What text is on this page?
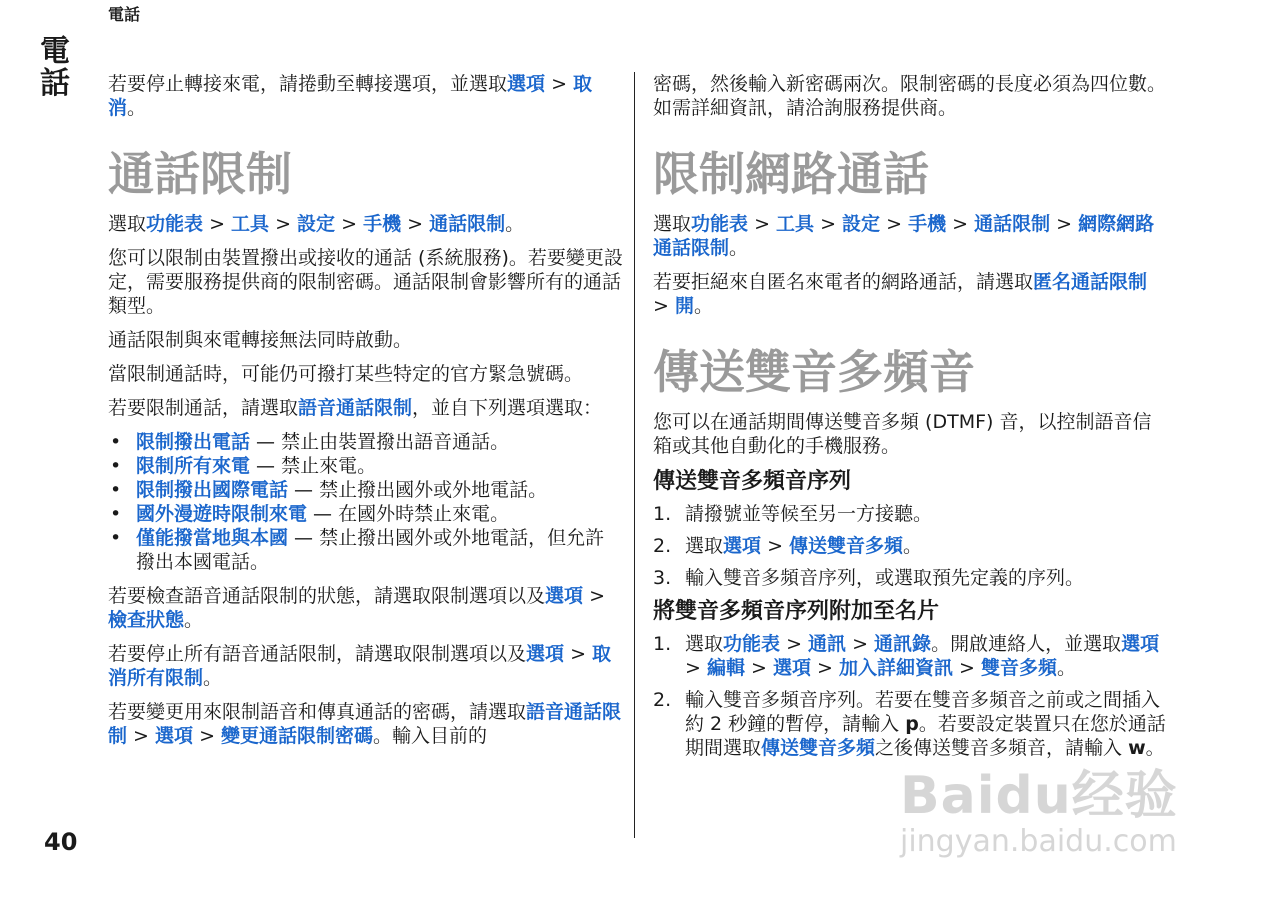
電話
電話
40

若要停止轉接來電，請捲動至轉接選項，並選取選項 > 取消。

通話限制

選取功能表 > 工具 > 設定 > 手機 > 通話限制。

您可以限制由裝置撥出或接收的通話 (系統服務)。若要變更設定，需要服務提供商的限制密碼。通話限制會影響所有的通話類型。

通話限制與來電轉接無法同時啟動。

當限制通話時，可能仍可撥打某些特定的官方緊急號碼。

若要限制通話，請選取語音通話限制，並自下列選項選取：

• 限制撥出電話 — 禁止由裝置撥出語音通話。
• 限制所有來電 — 禁止來電。
• 限制撥出國際電話 — 禁止撥出國外或外地電話。
• 國外漫遊時限制來電 — 在國外時禁止來電。
• 僅能撥當地與本國 — 禁止撥出國外或外地電話，但允許撥出本國電話。

若要檢查語音通話限制的狀態，請選取限制選項以及選項 > 檢查狀態。

若要停止所有語音通話限制，請選取限制選項以及選項 > 取消所有限制。

若要變更用來限制語音和傳真通話的密碼，請選取語音通話限制 > 選項 > 變更通話限制密碼。輸入目前的

密碼，然後輸入新密碼兩次。限制密碼的長度必須為四位數。如需詳細資訊，請洽詢服務提供商。

限制網路通話

選取功能表 > 工具 > 設定 > 手機 > 通話限制 > 網際網路通話限制。

若要拒絕來自匿名來電者的網路通話，請選取匿名通話限制 > 開。

傳送雙音多頻音

您可以在通話期間傳送雙音多頻 (DTMF) 音，以控制語音信箱或其他自動化的手機服務。

傳送雙音多頻音序列
1. 請撥號並等候至另一方接聽。
2. 選取選項 > 傳送雙音多頻。
3. 輸入雙音多頻音序列，或選取預先定義的序列。
將雙音多頻音序列附加至名片
1. 選取功能表 > 通訊 > 通訊錄。開啟連絡人，並選取選項 > 編輯 > 選項 > 加入詳細資訊 > 雙音多頻。
2. 輸入雙音多頻音序列。若要在雙音多頻音之前或之間插入約 2 秒鐘的暫停，請輸入 p。若要設定裝置只在您於通話期間選取傳送雙音多頻之後傳送雙音多頻音，請輸入 w。
Baidu经验
jingyan.baidu.com
